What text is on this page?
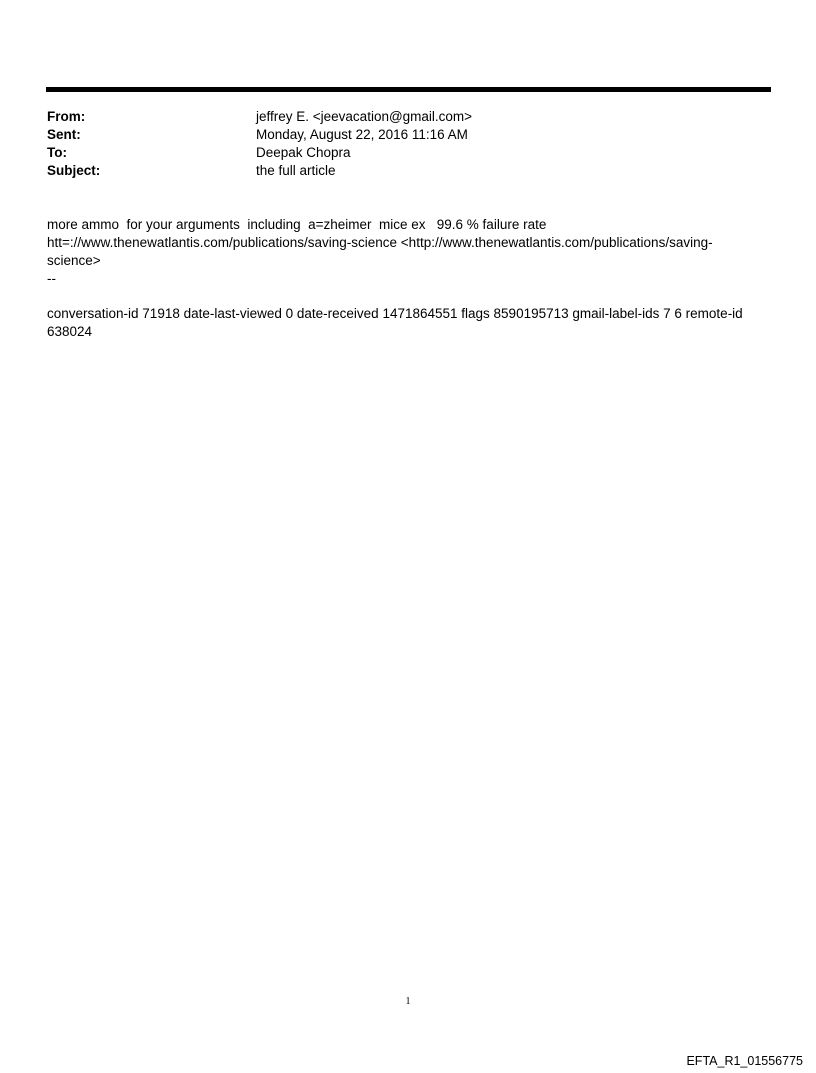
From:	jeffrey E. <jeevacation@gmail.com>
Sent:	Monday, August 22, 2016 11:16 AM
To:	Deepak Chopra
Subject:	the full article

more ammo  for your arguments  including  a=zheimer  mice ex   99.6 % failure rate

htt=://www.thenewatlantis.com/publications/saving-science <http://www.thenewatlantis.com/publications/saving-

science>

--

conversation-id 71918 date-last-viewed 0 date-received 1471864551 flags 8590195713 gmail-label-ids 7 6 remote-id

638024

1
EFTA_R1_01556775
